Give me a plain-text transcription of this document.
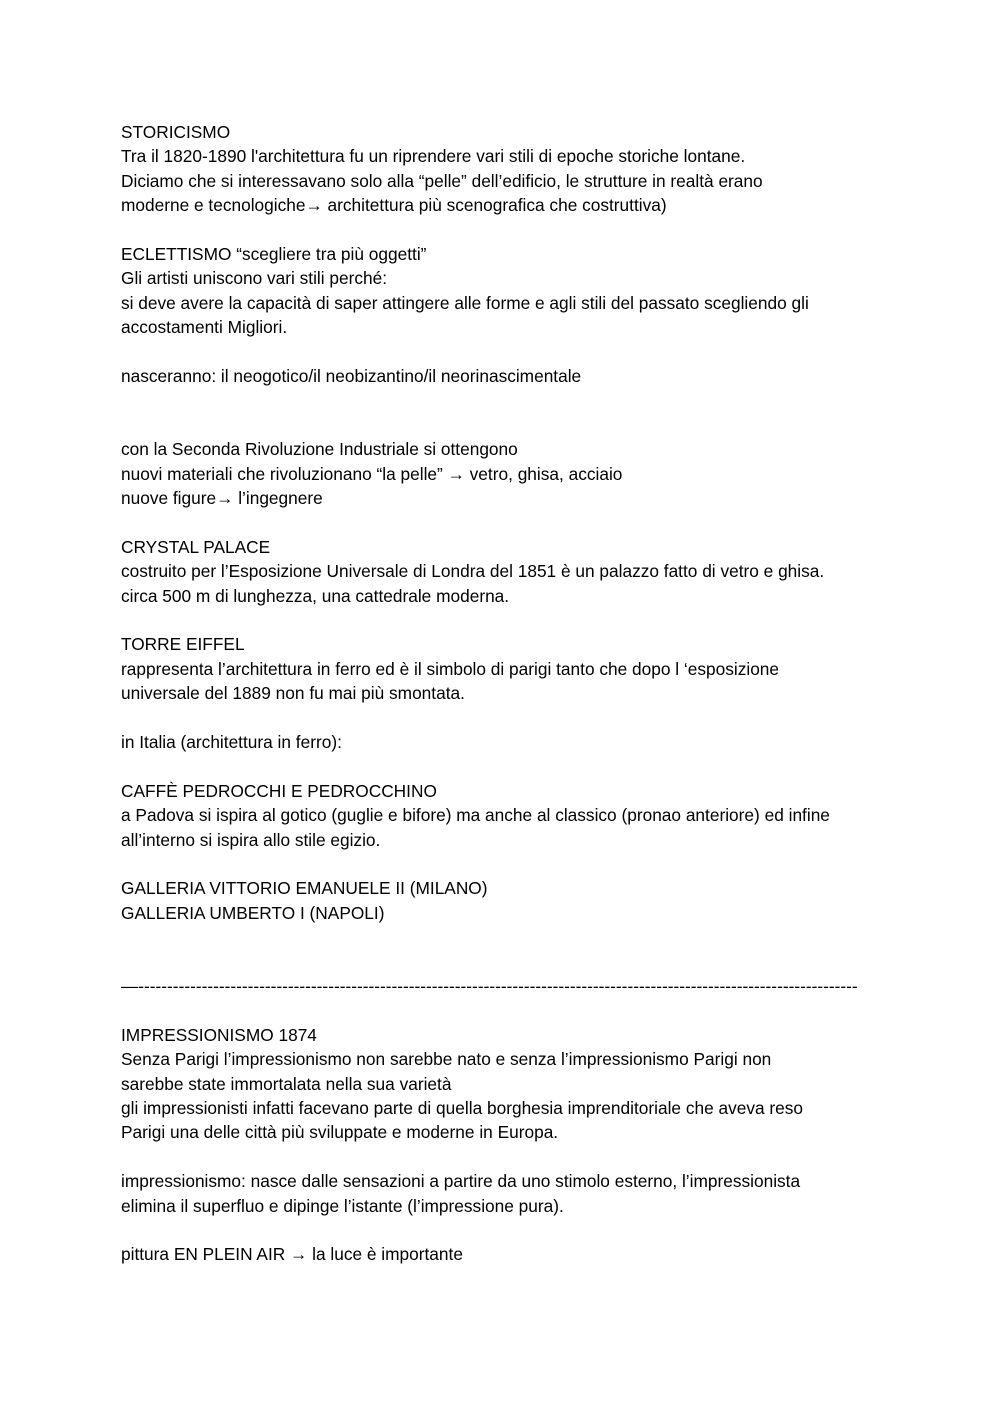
STORICISMO

Tra il 1820-1890 l'architettura fu un riprendere vari stili di epoche storiche lontane.

Diciamo che si interessavano solo alla “pelle” dell’edificio, le strutture in realtà erano

moderne e tecnologiche→ architettura più scenografica che costruttiva)

ECLETTISMO “scegliere tra più oggetti”

Gli artisti uniscono vari stili perché:

si deve avere la capacità di saper attingere alle forme e agli stili del passato scegliendo gli

accostamenti Migliori.

nasceranno: il neogotico/il neobizantino/il neorinascimentale

con la Seconda Rivoluzione Industriale si ottengono

nuovi materiali che rivoluzionano “la pelle” → vetro, ghisa, acciaio

nuove figure→ l’ingegnere

CRYSTAL PALACE

costruito per l’Esposizione Universale di Londra del 1851 è un palazzo fatto di vetro e ghisa.

circa 500 m di lunghezza, una cattedrale moderna.

TORRE EIFFEL

rappresenta l’architettura in ferro ed è il simbolo di parigi tanto che dopo l ‘esposizione

universale del 1889 non fu mai più smontata.

in Italia (architettura in ferro):

CAFFÈ PEDROCCHI E PEDROCCHINO

a Padova si ispira al gotico (guglie e bifore) ma anche al classico (pronao anteriore) ed infine

all’interno si ispira allo stile egizio.

GALLERIA VITTORIO EMANUELE II (MILANO)

GALLERIA UMBERTO I (NAPOLI)

—-----------------------------------------------------------------------------------------------------------------------------

IMPRESSIONISMO 1874

Senza Parigi l’impressionismo non sarebbe nato e senza l’impressionismo Parigi non

sarebbe state immortalata nella sua varietà

gli impressionisti infatti facevano parte di quella borghesia imprenditoriale che aveva reso

Parigi una delle città più sviluppate e moderne in Europa.

impressionismo: nasce dalle sensazioni a partire da uno stimolo esterno, l’impressionista

elimina il superfluo e dipinge l’istante (l’impressione pura).

pittura EN PLEIN AIR → la luce è importante
